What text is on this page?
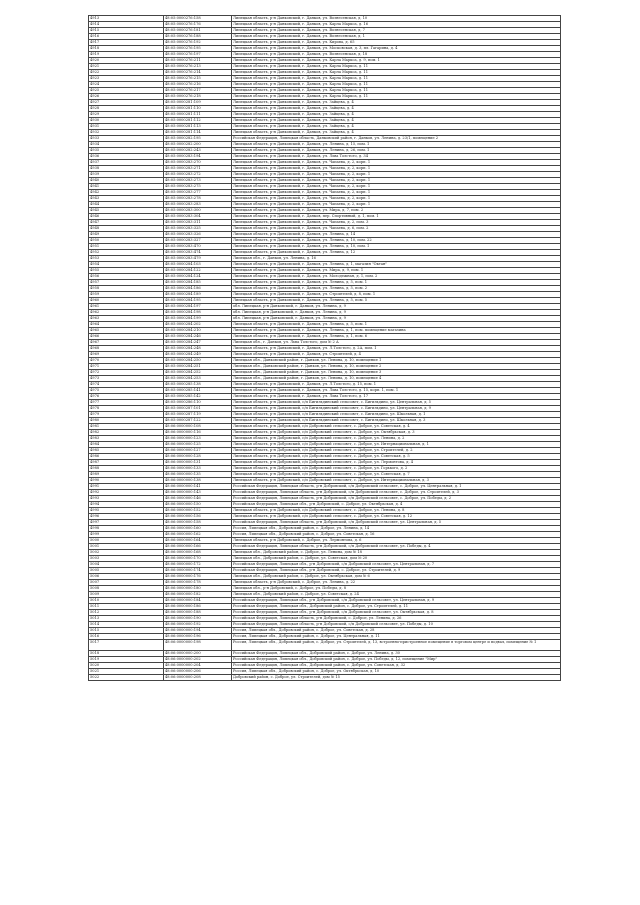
4913	48:05:0000276:158	Липецкая область, р-н Данковский, г. Данков, ул. Вознесенская, д. 10
4914	48:05:0000276:176	Липецкая область, р-н Данковский, г. Данков, ул. Карла Маркса, д. 16
4915	48:05:0000276:181	Липецкая область, р-н Данковский, г. Данков, ул. Вознесенская, д. 7
4916	48:05:0000276:188	Липецкая область, р-н Данковский, г. Данков, ул. Вознесенская, д. 1
4917	48:05:0000276:192	Липецкая область, р-н Данковский, г. Данков, ул. Кирова, д. 65
4918	48:05:0000276:195	Липецкая область, р-н Данковский, г. Данков, ул. Московская, д. 3, пл. Гагарина, д. 4
4919	48:05:0000276:197	Липецкая область, р-н Данковский, г. Данков, ул. Вознесенская, д. 18
4920	48:05:0000276:211	Липецкая область, р-н Данковский, г. Данков, ул. Карла Маркса, д. 9, пом. 1
4921	48:05:0000276:213	Липецкая область, р-н Данковский, г. Данков, ул. Карла Маркса, д. 11
4922	48:05:0000276:214	Липецкая область, р-н Данковский, г. Данков, ул. Карла Маркса, д. 11
4923	48:05:0000276:215	Липецкая область, р-н Данковский, г. Данков, ул. Карла Маркса, д. 11
4924	48:05:0000276:216	Липецкая область, р-н Данковский, г. Данков, ул. Карла Маркса, д. 11
4925	48:05:0000276:217	Липецкая область, р-н Данковский, г. Данков, ул. Карла Маркса, д. 11
4926	48:05:0000276:218	Липецкая область, р-н Данковский, г. Данков, ул. Карла Маркса, д. 11
4927	48:05:0000281:109	Липецкая область, р-н Данковский, г. Данков, ул. Зайцева, д. 4
4928	48:05:0000281:110	Липецкая область, р-н Данковский, г. Данков, ул. Зайцева, д. 4
4929	48:05:0000281:111	Липецкая область, р-н Данковский, г. Данков, ул. Зайцева, д. 4
4930	48:05:0000281:112	Липецкая область, р-н Данковский, г. Данков, ул. Зайцева, д. 4
4931	48:05:0000281:113	Липецкая область, р-н Данковский, г. Данков, ул. Зайцева, д. 4
4932	48:05:0000281:114	Липецкая область, р-н Данковский, г. Данков, ул. Зайцева, д. 4
4933	48:05:0000282:195	Российская Федерация, Липецкая область, Данковский район, г. Данков, ул. Ленина, д. 23/1, помещение 2
4934	48:05:0000282:200	Липецкая область, р-н Данковский, г. Данков, ул. Ленина, д. 15, пом. 1
4935	48:05:0000282:243	Липецкая область, р-н Данковский, г. Данков, ул. Ленина, д. 26, пом. 1
4936	48:05:0000283:194	Липецкая область, р-н Данковский, г. Данков, ул. Льва Толстого, д. 34
4937	48:05:0000283:270	Липецкая область, р-н Данковский, г. Данков, ул. Чапаева, д. 2, корп. 1
4938	48:05:0000283:271	Липецкая область, р-н Данковский, г. Данков, ул. Чапаева, д. 2, корп. 1
4939	48:05:0000283:272	Липецкая область, р-н Данковский, г. Данков, ул. Чапаева, д. 2, корп. 1
4940	48:05:0000283:273	Липецкая область, р-н Данковский, г. Данков, ул. Чапаева, д. 2, корп. 1
4941	48:05:0000283:275	Липецкая область, р-н Данковский, г. Данков, ул. Чапаева, д. 2, корп. 1
4942	48:05:0000283:277	Липецкая область, р-н Данковский, г. Данков, ул. Чапаева, д. 2, корп. 1
4943	48:05:0000283:278	Липецкая область, р-н Данковский, г. Данков, ул. Чапаева, д. 2, корп. 1
4944	48:05:0000283:283	Липецкая область, р-н Данковский, г. Данков, ул. Чапаева, д. 2, корп. 1
4945	48:05:0000283:300	Липецкая область, р-н Данковский, г. Данков, ул. Мира, д. 7, пом. 2
4946	48:05:0000283:304	Липецкая область, р-н Данковский, г. Данков, пер. Спортивный, д. 1, пом. 1
4947	48:05:0000283:311	Липецкая область, р-н Данковский, г. Данков, ул. Чапаева, д. 2, пом. 3
4948	48:05:0000283:325	Липецкая область, р-н Данковский, г. Данков, ул. Чапаева, д. 6, пом. 2
4949	48:05:0000283:326	Липецкая область, р-н Данковский, г. Данков, ул. Ленина, д. 14
4950	48:05:0000283:327	Липецкая область, р-н Данковский, г. Данков, ул. Ленина, д. 10, пом. 22
4951	48:05:0000283:470	Липецкая область, р-н Данковский, г. Данков, ул. Ленина, д. 10, пом. 1
4952	48:05:0000283:474	Липецкая область, р-н Данковский, г. Данков, ул. Ленина, д. 12
4953	48:05:0000283:479	Липецкая обл., г. Данков, ул. Ленина, д. 16
4954	48:05:0000284:103	Липецкая область, р-н Данковский, г. Данков, ул. Ленина, д. 1, магазин "Октан"
4955	48:05:0000284:122	Липецкая область, р-н Данковский, г. Данков, ул. Мира, д. 9, пом. 1
4956	48:05:0000284:124	Липецкая область, р-н Данковский, г. Данков, ул. Молодежная, д. 1, пом. 2
4957	48:05:0000284:185	Липецкая область, р-н Данковский, г. Данков, ул. Ленина, д. 5, пом. 1
4958	48:05:0000284:186	Липецкая область, р-н Данковский, г. Данков, ул. Ленина, д. 5, пом. 2
4959	48:05:0000284:189	Липецкая область, р-н Данковский, г. Данков, ул. Строителей, д. 8, пом. 1
4960	48:05:0000284:195	Липецкая область, р-н Данковский, г. Данков, ул. Ленина, д. 5, пом. 5
4961	48:05:0000284:197	обл. Липецкая, р-н Данковский, г. Данков, ул. Ленина, д. 9
4962	48:05:0000284:198	обл. Липецкая, р-н Данковский, г. Данков, ул. Ленина, д. 9
4963	48:05:0000284:199	обл. Липецкая, р-н Данковский, г. Данков, ул. Ленина, д. 9
4964	48:05:0000284:202	Липецкая область, р-н Данковский, г. Данков, ул. Ленина, д. 5, пом. 1
4965	48:05:0000284:210	Липецкая область, р-н Данковский, г. Данков, ул. Ленина, д. 1, пом. помещение магазина
4966	48:05:0000284:246	Липецкая область, р-н Данковский, г. Данков, ул. Ленина, д. 1, пом. 6
4967	48:05:0000284:247	Липецкая обл., г. Данков, ул. Льва Толстого, дом № 2 А
4968	48:05:0000284:248	Липецкая область, р-н Данковский, г. Данков, ул. Л.Толстого, д. 2А, пом. 1
4969	48:05:0000284:249	Липецкая область, р-н Данковский, г. Данков, ул. Строителей, д. 4
4970	48:05:0000284:250	Липецкая обл., Данковский район, г. Данков, ул. Ленина, д. 10, помещение 1
4971	48:05:0000284:251	Липецкая обл., Данковский район, г. Данков, ул. Ленина, д. 10, помещение 2
4972	48:05:0000284:252	Липецкая обл., Данковский район, г. Данков, ул. Ленина, д. 10, помещение 3
4973	48:05:0000284:253	Липецкая обл., Данковский район, г. Данков, ул. Ленина, д. 10, помещение 4
4974	48:05:0000285:138	Липецкая область, р-н Данковский, г. Данков, ул. Л.Толстого, д. 15, пом. 1
4975	48:05:0000285:141	Липецкая область, р-н Данковский, г. Данков, ул. Льва Толстого, д. 15, корп. 1, пом. 1
4976	48:05:0000285:142	Липецкая область, р-н Данковский, г. Данков, ул. Льва Толстого, д. 17
4977	48:05:0000286:110	Липецкая область, р-н Данковский, с/п Бигильдинский сельсовет, с. Бигильдино, ул. Центральная, д. 5
4978	48:05:0000287:101	Липецкая область, р-н Данковский, с/п Бигильдинский сельсовет, с. Бигильдино, ул. Центральная, д. 9
4979	48:05:0000287:119	Липецкая область, р-н Данковский, с/п Бигильдинский сельсовет, с. Бигильдино, ул. Школьная, д. 1
4980	48:05:0000287:122	Липецкая область, р-н Данковский, с/п Бигильдинский сельсовет, с. Бигильдино, ул. Школьная, д. 3
4981	48:06:0000000:108	Липецкая область, р-н Добровский, с/п Добровский сельсовет, с. Доброе, ул. Советская, д. 4
4982	48:06:0000000:116	Липецкая область, р-н Добровский, с/п Добровский сельсовет, с. Доброе, ул. Октябрьская, д. 3
4983	48:06:0000000:123	Липецкая область, р-н Добровский, с/п Добровский сельсовет, с. Доброе, ул. Ленина, д. 2
4984	48:06:0000000:125	Липецкая область, р-н Добровский, с/п Добровский сельсовет, с. Доброе, ул. Интернациональная, д. 1
4985	48:06:0000000:127	Липецкая область, р-н Добровский, с/п Добровский сельсовет, с. Доброе, ул. Строителей, д. 2
4986	48:06:0000000:128	Липецкая область, р-н Добровский, с/п Добровский сельсовет, с. Доброе, ул. Советская, д. 5
4987	48:06:0000000:131	Липецкая область, р-н Добровский, с/п Добровский сельсовет, с. Доброе, ул. Лермонтова, д. 4
4988	48:06:0000000:133	Липецкая область, р-н Добровский, с/п Добровский сельсовет, с. Доброе, ул. Горького, д. 2
4989	48:06:0000000:135	Липецкая область, р-н Добровский, с/п Добровский сельсовет, с. Доброе, ул. Советская, д. 7
4990	48:06:0000000:138	Липецкая область, р-н Добровский, с/п Добровский сельсовет, с. Доброе, ул. Интернациональная, д. 3
4991	48:06:0000000:141	Российская Федерация, Липецкая область, р-н Добровский, с/п Добровский сельсовет, с. Доброе, ул. Центральная, д. 1
4992	48:06:0000000:143	Российская Федерация, Липецкая область, р-н Добровский, с/п Добровский сельсовет, с. Доброе, ул. Строителей, д. 3
4993	48:06:0000000:146	Российская Федерация, Липецкая область, р-н Добровский, с/п Добровский сельсовет, с. Доброе, ул. Победы, д. 2
4994	48:06:0000000:150	Российская Федерация, Липецкая обл., р-н Добровский, с. Доброе, ул. Октябрьская, д. 4
4995	48:06:0000000:152	Липецкая область, р-н Добровский, с/п Добровский сельсовет, с. Доброе, ул. Ленина, д. 8
4996	48:06:0000000:156	Липецкая область, р-н Добровский, с/п Добровский сельсовет, с. Доброе, ул. Советская, д. 12
4997	48:06:0000000:158	Российская Федерация, Липецкая область, р-н Добровский, с/п Добровский сельсовет, ул. Центральная, д. 5
4998	48:06:0000000:160	Россия, Липецкая обл., Добровский район, с. Доброе, ул. Ленина, д. 14
4999	48:06:0000000:162	Россия, Липецкая обл., Добровский район, с. Доброе, ул. Советская, д. 16
5000	48:06:0000000:164	Липецкая область, р-н Добровский, с. Доброе, ул. Лермонтова, д. 6
5001	48:06:0000000:166	Российская Федерация, Липецкая область, р-н Добровский, с/п Добровский сельсовет, ул. Победы, д. 4
5002	48:06:0000000:168	Липецкая обл., Добровский район, с. Доброе, ул. Ленина, дом № 18
5003	48:06:0000000:170	Липецкая обл., Добровский район, с. Доброе, ул. Советская, дом № 20
5004	48:06:0000000:172	Российская Федерация, Липецкая обл., р-н Добровский, с/п Добровский сельсовет, ул. Центральная, д. 7
5005	48:06:0000000:174	Российская Федерация, Липецкая обл., р-н Добровский, с. Доброе, ул. Строителей, д. 9
5006	48:06:0000000:176	Липецкая обл., Добровский район, с. Доброе, ул. Октябрьская, дом № 6
5007	48:06:0000000:178	Липецкая область, р-н Добровский, с. Доброе, ул. Ленина, д. 22
5008	48:06:0000000:180	Липецкая обл., р-н Добровский, с. Доброе, ул. Победы, д. 8
5009	48:06:0000000:182	Липецкая обл., Добровский район, с. Доброе, ул. Советская, д. 24
5010	48:06:0000000:184	Российская Федерация, Липецкая обл., р-н Добровский, с/п Добровский сельсовет, ул. Центральная, д. 9
5011	48:06:0000000:186	Российская Федерация, Липецкая обл., Добровский район, с. Доброе, ул. Строителей, д. 11
5012	48:06:0000000:188	Российская Федерация, Липецкая обл., р-н Добровский, с/п Добровский сельсовет, ул. Октябрьская, д. 8
5013	48:06:0000000:190	Российская Федерация, Липецкая область, р-н Добровский, с. Доброе, ул. Ленина, д. 26
5014	48:06:0000000:192	Российская Федерация, Липецкая область, р-н Добровский, с/п Добровский сельсовет, ул. Победы, д. 10
5015	48:06:0000000:194	Россия, Липецкая обл., Добровский район, с. Доброе, ул. Советская, д. 28
5016	48:06:0000000:196	Россия, Липецкая обл., Добровский район, с. Доброе, ул. Центральная, д. 11
5017	48:06:0000000:198	Россия, Липецкая обл., Добровский район, с. Доброе, ул. Строителей, д. 13, встроенно-пристроенное помещение в торговом центре и подвал, помещение № 1
5018	48:06:0000000:200	Российская Федерация, Липецкая обл., Добровский район, с. Доброе, ул. Ленина, д. 30
5019	48:06:0000000:202	Российская Федерация, Липецкая обл., Добровский район, с. Доброе, ул. Победы, д. 12, помещение "Мир"
5020	48:06:0000000:204	Российская Федерация, Липецкая обл., Добровский район, с. Доброе, ул. Советская, д. 32
5021	48:06:0000000:206	Россия, Липецкая обл., Добровский район, с. Доброе, ул. Октябрьская, д. 10
5022	48:06:0000000:208	Добровский район, с. Доброе, ул. Строителей, дом № 15
